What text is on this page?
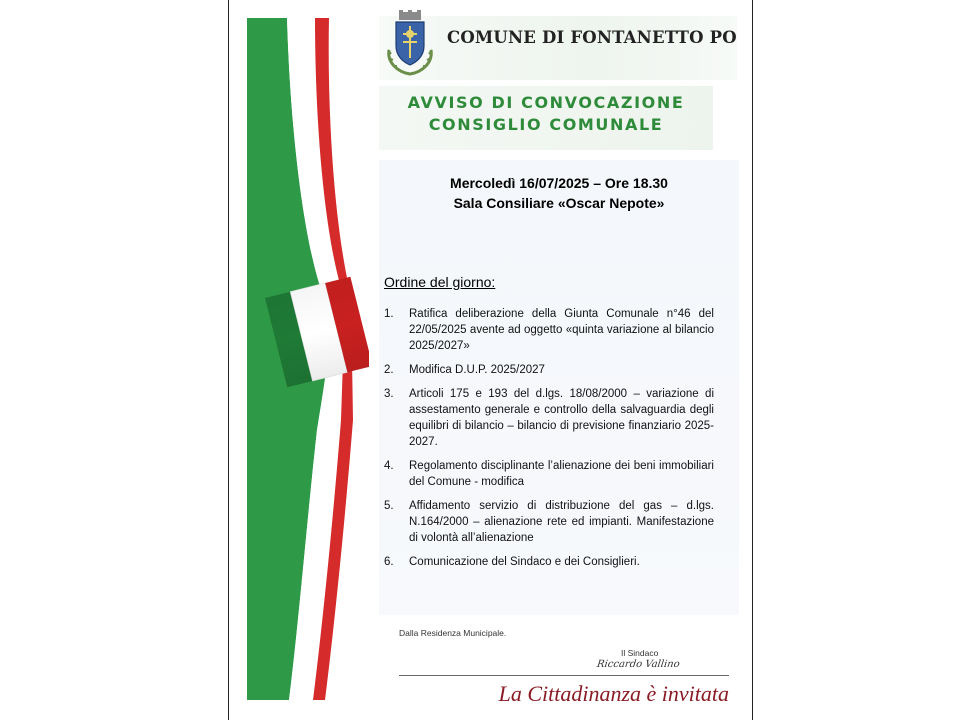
COMUNE DI FONTANETTO PO
AVVISO DI CONVOCAZIONE
CONSIGLIO COMUNALE
Mercoledì 16/07/2025 – Ore 18.30
Sala Consiliare «Oscar Nepote»
Ordine del giorno:
1. Ratifica deliberazione della Giunta Comunale n°46 del 22/05/2025 avente ad oggetto «quinta variazione al bilancio 2025/2027»
2. Modifica D.U.P. 2025/2027
3. Articoli 175 e 193 del d.lgs. 18/08/2000 – variazione di assestamento generale e controllo della salvaguardia degli equilibri di bilancio – bilancio di previsione finanziario 2025-2027.
4. Regolamento disciplinante l’alienazione dei beni immobiliari del Comune - modifica
5. Affidamento servizio di distribuzione del gas – d.lgs. N.164/2000 – alienazione rete ed impianti. Manifestazione di volontà all’alienazione
6. Comunicazione del Sindaco e dei Consiglieri.
Dalla Residenza Municipale.
Il Sindaco
Riccardo Vallino
La Cittadinanza è invitata
